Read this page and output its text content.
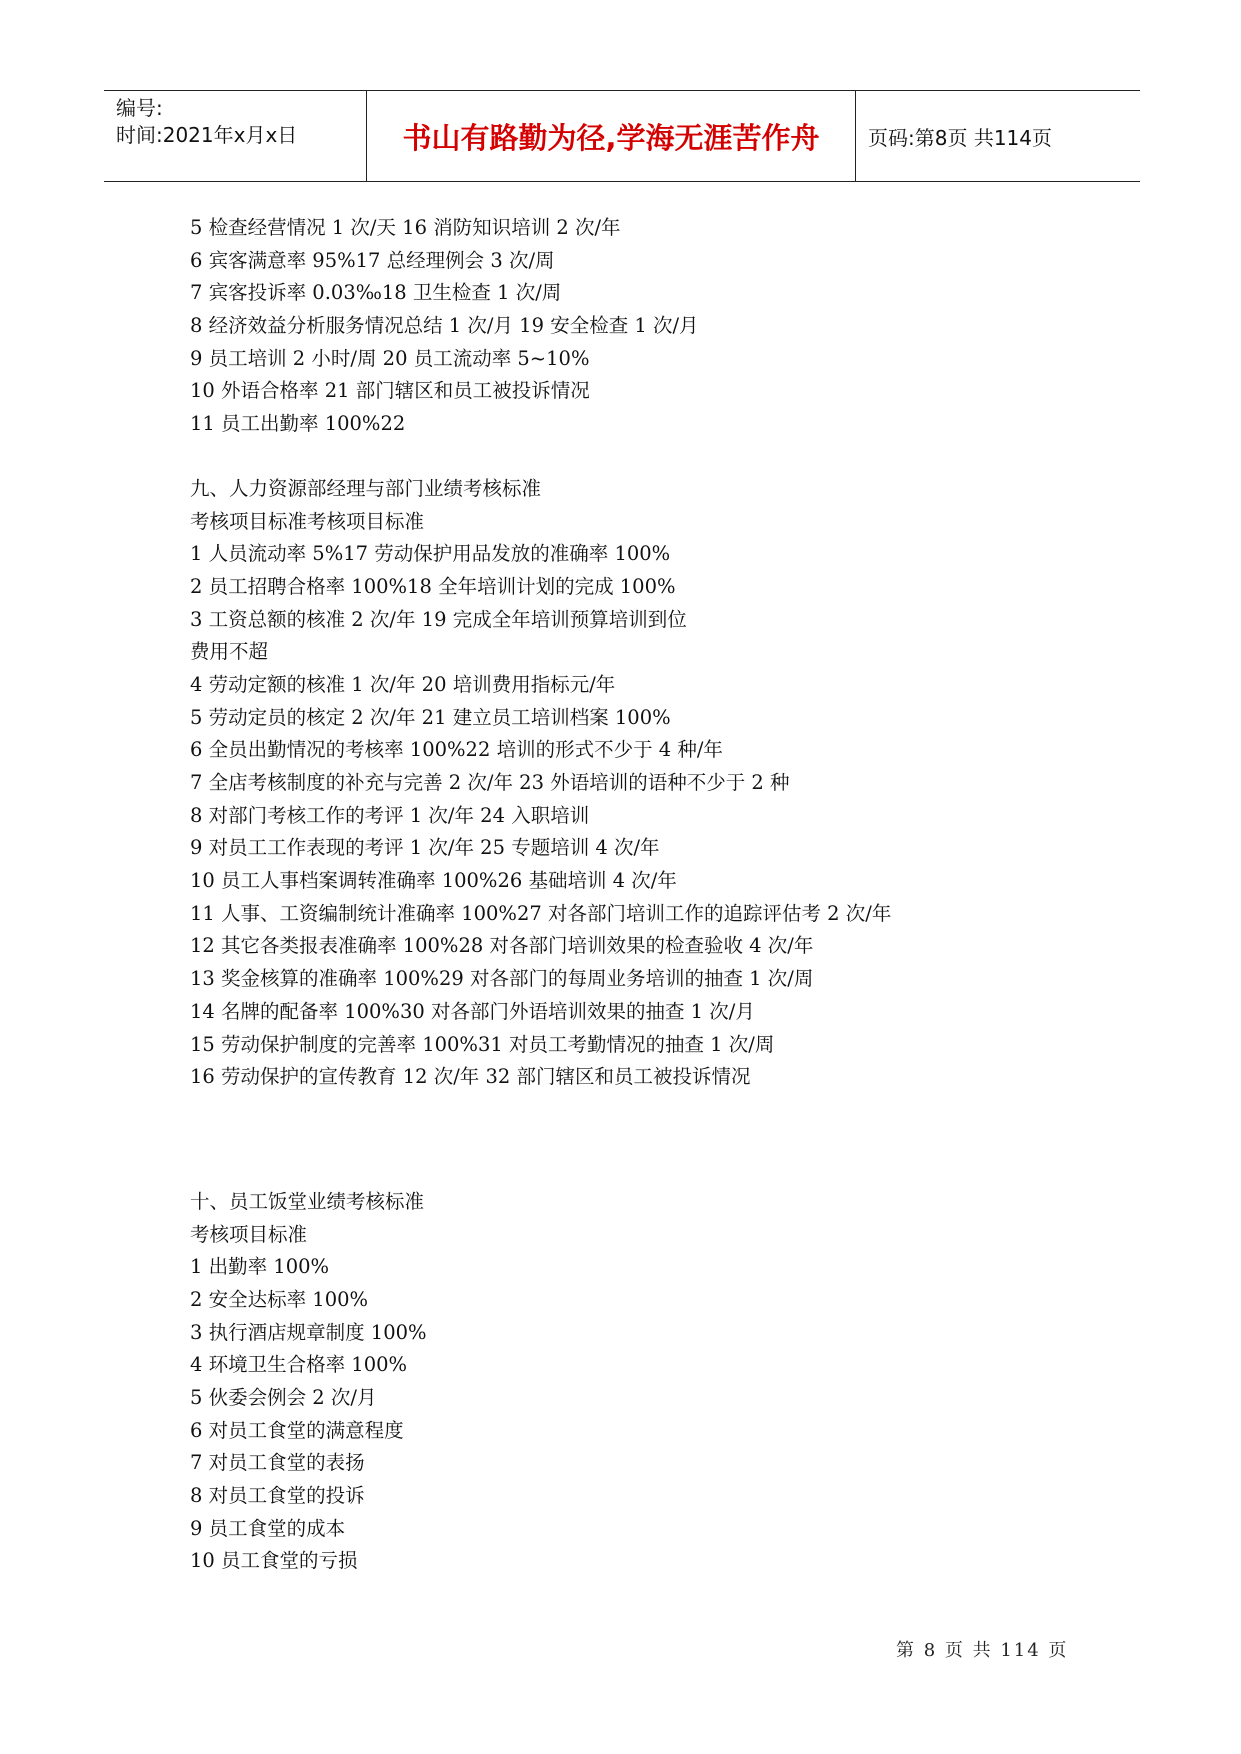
编号:
时间:2021年x月x日	书山有路勤为径,学海无涯苦作舟	页码:第8页 共114页
5 检查经营情况 1 次/天 16 消防知识培训 2 次/年
6 宾客满意率 95%17 总经理例会 3 次/周
7 宾客投诉率 0.03‰18 卫生检查 1 次/周
8 经济效益分析服务情况总结 1 次/月 19 安全检查 1 次/月
9 员工培训 2 小时/周 20 员工流动率 5~10%
10 外语合格率 21 部门辖区和员工被投诉情况
11 员工出勤率 100%22
九、人力资源部经理与部门业绩考核标准
考核项目标准考核项目标准
1 人员流动率 5%17 劳动保护用品发放的准确率 100%
2 员工招聘合格率 100%18 全年培训计划的完成 100%
3 工资总额的核准 2 次/年 19 完成全年培训预算培训到位
费用不超
4 劳动定额的核准 1 次/年 20 培训费用指标元/年
5 劳动定员的核定 2 次/年 21 建立员工培训档案 100%
6 全员出勤情况的考核率 100%22 培训的形式不少于 4 种/年
7 全店考核制度的补充与完善 2 次/年 23 外语培训的语种不少于 2 种
8 对部门考核工作的考评 1 次/年 24 入职培训
9 对员工工作表现的考评 1 次/年 25 专题培训 4 次/年
10 员工人事档案调转准确率 100%26 基础培训 4 次/年
11 人事、工资编制统计准确率 100%27 对各部门培训工作的追踪评估考 2 次/年
12 其它各类报表准确率 100%28 对各部门培训效果的检查验收 4 次/年
13 奖金核算的准确率 100%29 对各部门的每周业务培训的抽查 1 次/周
14 名牌的配备率 100%30 对各部门外语培训效果的抽查 1 次/月
15 劳动保护制度的完善率 100%31 对员工考勤情况的抽查 1 次/周
16 劳动保护的宣传教育 12 次/年 32 部门辖区和员工被投诉情况
十、员工饭堂业绩考核标准
考核项目标准
1 出勤率 100%
2 安全达标率 100%
3 执行酒店规章制度 100%
4 环境卫生合格率 100%
5 伙委会例会 2 次/月
6 对员工食堂的满意程度
7 对员工食堂的表扬
8 对员工食堂的投诉
9 员工食堂的成本
10 员工食堂的亏损
第 8 页 共 114 页
